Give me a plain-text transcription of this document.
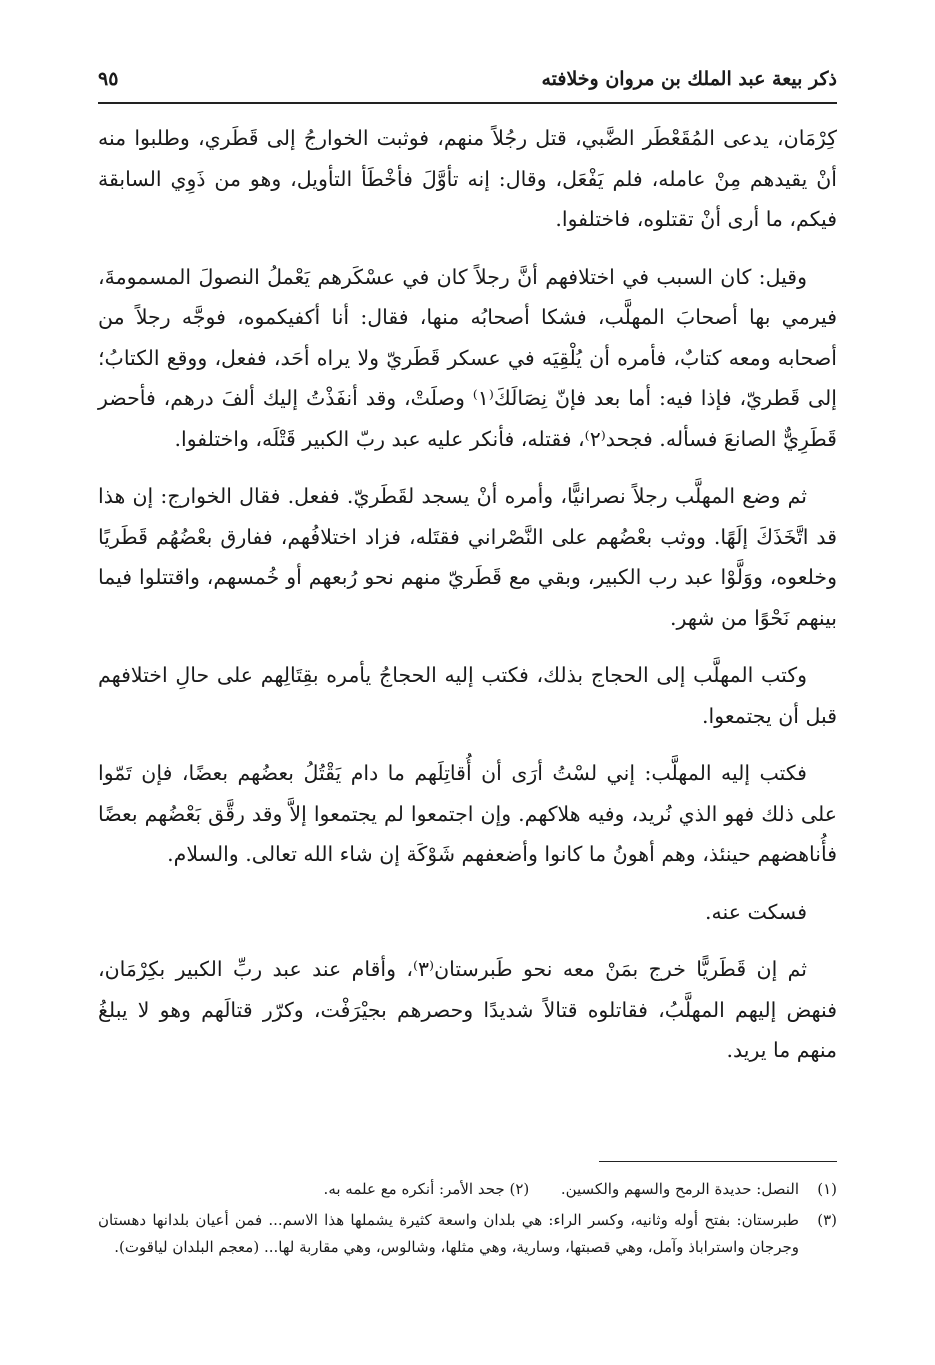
ذكر بيعة عبد الملك بن مروان وخلافته
٩٥

كِرْمَان، يدعى المُقَعْطَر الضَّبي، قتل رجُلاً منهم، فوثبت الخوارجُ إلى قَطَري، وطلبوا منه أنْ يقيدهم مِنْ عامله، فلم يَفْعَل، وقال: إنه تأوَّلَ فأخْطَأ التأويل، وهو من ذَوِي السابقة فيكم، ما أرى أنْ تقتلوه، فاختلفوا.

وقيل: كان السبب في اختلافهم أنَّ رجلاً كان في عسْكَرهم يَعْملُ النصولَ المسمومةَ، فيرمي بها أصحابَ المهلَّب، فشكا أصحابُه منها، فقال: أنا أكفيكموه، فوجَّه رجلاً من أصحابه ومعه كتابٌ، فأمره أن يُلْقِيَه في عسكر قَطَريّ ولا يراه أحَد، ففعل، ووقع الكتابُ؛ إلى قَطريّ، فإذا فيه: أما بعد فإنّ نِصَالَكَ⁽١⁾ وصلَتْ، وقد أنفَذْتُ إليك ألفَ درهم، فأحضر قَطَرِيٌّ الصانعَ فسأله. فجحد⁽٢⁾، فقتله، فأنكر عليه عبد ربّ الكبير قَتْلَه، واختلفوا.

ثم وضع المهلَّب رجلاً نصرانيًّا، وأمره أنْ يسجد لقَطَريّ. ففعل. فقال الخوارج: إن هذا قد اتَّخَذَكَ إلَهًا. ووثب بعْضُهم على النَّصْراني فقتَله، فزاد اختلافُهم، ففارق بعْضُهُم قَطَريًا وخلعوه، ووَلَّوْا عبد رب الكبير، وبقي مع قَطَريّ منهم نحو رُبعهم أو خُمسهم، واقتتلوا فيما بينهم نَحْوًا من شهر.

وكتب المهلَّب إلى الحجاج بذلك، فكتب إليه الحجاجُ يأمره بقِتَالِهم على حالِ اختلافهم قبل أن يجتمعوا.

فكتب إليه المهلَّب: إني لسْتُ أرَى أن أُقاتِلَهم ما دام يَقْتُلُ بعضُهم بعضًا، فإن تَمّوا على ذلك فهو الذي نُريد، وفيه هلاكهم. وإن اجتمعوا لم يجتمعوا إلاَّ وقد رقَّق بَعْضُهم بعضًا فأُناهضهم حينئذ، وهم أهونُ ما كانوا وأضعفهم شَوْكَة إن شاء الله تعالى. والسلام.

فسكت عنه.

ثم إن قَطَريًّا خرج بمَنْ معه نحو طَبرستان⁽٣⁾، وأقام عند عبد ربِّ الكبير بكِرْمَان، فنهض إليهم المهلَّبُ، فقاتلوه قتالاً شديدًا وحصرهم بجيْرَفْت، وكرّر قتالَهم وهو لا يبلغُ منهم ما يريد.

(١)
النصل: حديدة الرمح والسهم والكسين.  (٢) جحد الأمر: أنكره مع علمه به.
(٣)
طبرستان: بفتح أوله وثانيه، وكسر الراء: هي بلدان واسعة كثيرة يشملها هذا الاسم... فمن أعيان بلدانها دهستان وجرجان واستراباذ وآمل، وهي قصبتها، وسارية، وهي مثلها، وشالوس، وهي مقاربة لها... (معجم البلدان لياقوت).
